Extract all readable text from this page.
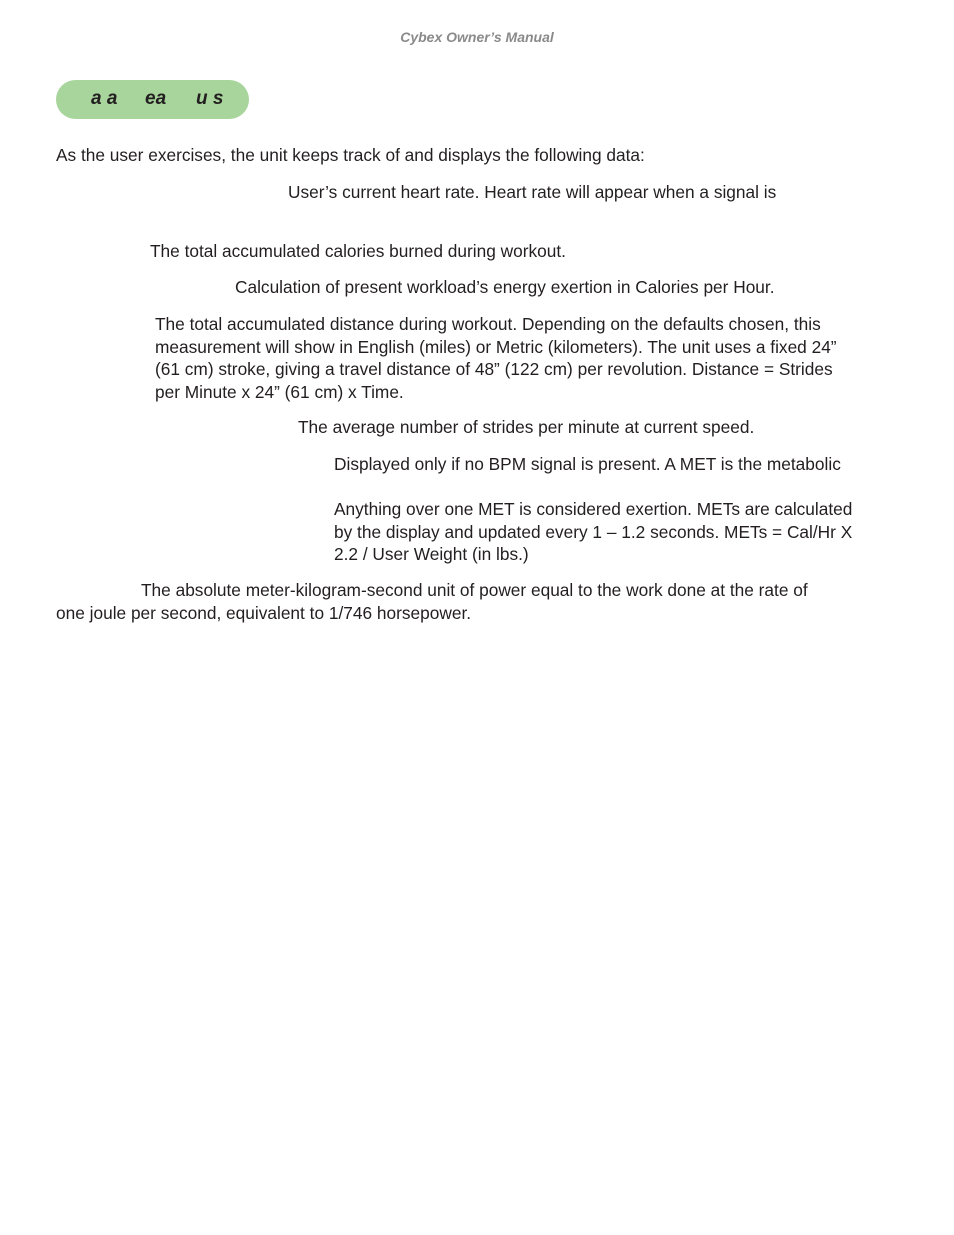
Cybex Owner’s Manual
a a ea u s
As the user exercises, the unit keeps track of and displays the following data:
User’s current heart rate. Heart rate will appear when a signal is
The total accumulated calories burned during workout.
Calculation of present workload’s energy exertion in Calories per Hour.
The total accumulated distance during workout. Depending on the defaults chosen, this
measurement will show in English (miles) or Metric (kilometers). The unit uses a fixed 24”
(61 cm) stroke, giving a travel distance of 48” (122 cm) per revolution. Distance = Strides
per Minute x 24” (61 cm) x Time.
The average number of strides per minute at current speed.
Displayed only if no BPM signal is present. A MET is the metabolic
Anything over one MET is considered exertion. METs are calculated
by the display and updated every 1 – 1.2 seconds. METs = Cal/Hr X
2.2 / User Weight (in lbs.)
The absolute meter-kilogram-second unit of power equal to the work done at the rate of
one joule per second, equivalent to 1/746 horsepower.
